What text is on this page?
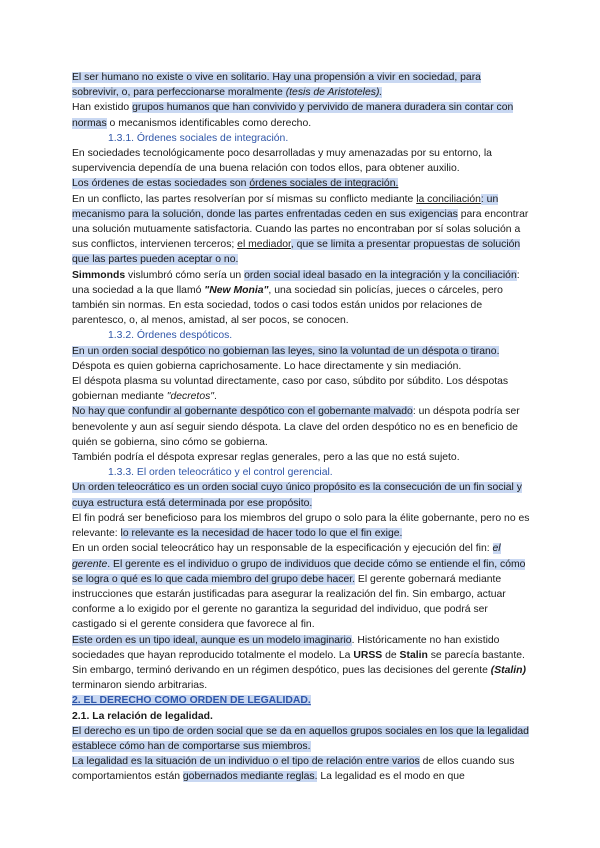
El ser humano no existe o vive en solitario. Hay una propensión a vivir en sociedad, para sobrevivir, o, para perfeccionarse moralmente (tesis de Aristoteles).

Han existido grupos humanos que han convivido y pervivido de manera duradera sin contar con normas o mecanismos identificables como derecho.

1.3.1. Órdenes sociales de integración.

En sociedades tecnológicamente poco desarrolladas y muy amenazadas por su entorno, la supervivencia dependía de una buena relación con todos ellos, para obtener auxilio.

Los órdenes de estas sociedades son órdenes sociales de integración.

En un conflicto, las partes resolverían por sí mismas su conflicto mediante la conciliación: un mecanismo para la solución, donde las partes enfrentadas ceden en sus exigencias para encontrar una solución mutuamente satisfactoria. Cuando las partes no encontraban por sí solas solución a sus conflictos, intervienen terceros; el mediador, que se limita a presentar propuestas de solución que las partes pueden aceptar o no.

Simmonds vislumbró cómo sería un orden social ideal basado en la integración y la conciliación: una sociedad a la que llamó "New Monia", una sociedad sin policías, jueces o cárceles, pero también sin normas. En esta sociedad, todos o casi todos están unidos por relaciones de parentesco, o, al menos, amistad, al ser pocos, se conocen.

1.3.2. Órdenes despóticos.

En un orden social despótico no gobiernan las leyes, sino la voluntad de un déspota o tirano. Déspota es quien gobierna caprichosamente. Lo hace directamente y sin mediación.

El déspota plasma su voluntad directamente, caso por caso, súbdito por súbdito. Los déspotas gobiernan mediante "decretos".

No hay que confundir al gobernante despótico con el gobernante malvado: un déspota podría ser benevolente y aun así seguir siendo déspota. La clave del orden despótico no es en beneficio de quién se gobierna, sino cómo se gobierna.

También podría el déspota expresar reglas generales, pero a las que no está sujeto.

1.3.3. El orden teleocrático y el control gerencial.

Un orden teleocrático es un orden social cuyo único propósito es la consecución de un fin social y cuya estructura está determinada por ese propósito.

El fin podrá ser beneficioso para los miembros del grupo o solo para la élite gobernante, pero no es relevante: lo relevante es la necesidad de hacer todo lo que el fin exige.

En un orden social teleocrático hay un responsable de la especificación y ejecución del fin: el gerente. El gerente es el individuo o grupo de individuos que decide cómo se entiende el fin, cómo se logra o qué es lo que cada miembro del grupo debe hacer. El gerente gobernará mediante instrucciones que estarán justificadas para asegurar la realización del fin. Sin embargo, actuar conforme a lo exigido por el gerente no garantiza la seguridad del individuo, que podrá ser castigado si el gerente considera que favorece al fin.

Este orden es un tipo ideal, aunque es un modelo imaginario. Históricamente no han existido sociedades que hayan reproducido totalmente el modelo. La URSS de Stalin se parecía bastante. Sin embargo, terminó derivando en un régimen despótico, pues las decisiones del gerente (Stalin) terminaron siendo arbitrarias.

2. EL DERECHO COMO ORDEN DE LEGALIDAD.

2.1. La relación de legalidad.

El derecho es un tipo de orden social que se da en aquellos grupos sociales en los que la legalidad establece cómo han de comportarse sus miembros.

La legalidad es la situación de un individuo o el tipo de relación entre varios de ellos cuando sus comportamientos están gobernados mediante reglas. La legalidad es el modo en que
